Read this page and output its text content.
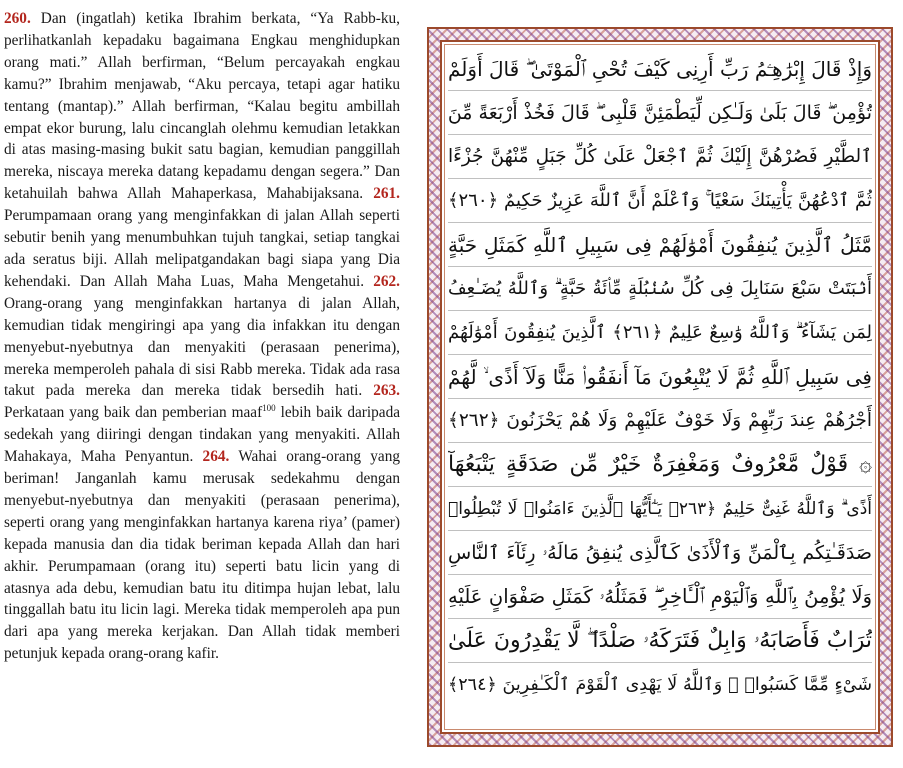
260. Dan (ingatlah) ketika Ibrahim berkata, “Ya Rabb-ku, perlihatkanlah kepadaku bagaimana Engkau menghidupkan orang mati.” Allah berfirman, “Belum percayakah engkau kamu?” Ibrahim menjawab, “Aku percaya, tetapi agar hatiku tentang (mantap).” Allah berfirman, “Kalau begitu ambillah empat ekor burung, lalu cincanglah olehmu kemudian letakkan di atas masing-masing bukit satu bagian, kemudian panggillah mereka, niscaya mereka datang kepadamu dengan segera.” Dan ketahuilah bahwa Allah Mahaperkasa, Mahabijaksana. 261. Perumpamaan orang yang menginfakkan di jalan Allah seperti sebutir benih yang menumbuhkan tujuh tangkai, setiap tangkai ada seratus biji. Allah melipatgandakan bagi siapa yang Dia kehendaki. Dan Allah Maha Luas, Maha Mengetahui. 262. Orang-orang yang menginfakkan hartanya di jalan Allah, kemudian tidak mengiringi apa yang dia infakkan itu dengan menyebut-nyebutnya dan menyakiti (perasaan penerima), mereka memperoleh pahala di sisi Rabb mereka. Tidak ada rasa takut pada mereka dan mereka tidak bersedih hati. 263. Perkataan yang baik dan pemberian maaf$^{100}$ lebih baik daripada sedekah yang diiringi dengan tindakan yang menyakiti. Allah Mahakaya, Maha Penyantun. 264. Wahai orang-orang yang beriman! Janganlah kamu merusak sedekahmu dengan menyebut-nyebutnya dan menyakiti (perasaan penerima), seperti orang yang menginfakkan hartanya karena riya’ (pamer) kepada manusia dan dia tidak beriman kepada Allah dan hari akhir. Perumpamaan (orang itu) seperti batu licin yang di atasnya ada debu, kemudian batu itu ditimpa hujan lebat, lalu tinggallah batu itu licin lagi. Mereka tidak memperoleh apa pun dari apa yang mereka kerjakan. Dan Allah tidak memberi petunjuk kepada orang-orang kafir.
وَإِذْ قَالَ إِبْرَٰهِـۧمُ رَبِّ أَرِنِى كَيْفَ تُحْىِ ٱلْمَوْتَىٰ ۖ قَالَ أَوَلَمْ
تُؤْمِن ۖ قَالَ بَلَىٰ وَلَـٰكِن لِّيَطْمَئِنَّ قَلْبِى ۖ قَالَ فَخُذْ أَرْبَعَةً مِّنَ
ٱلطَّيْرِ فَصُرْهُنَّ إِلَيْكَ ثُمَّ ٱجْعَلْ عَلَىٰ كُلِّ جَبَلٍ مِّنْهُنَّ جُزْءًا
ثُمَّ ٱدْعُهُنَّ يَأْتِينَكَ سَعْيًا ۚ وَٱعْلَمْ أَنَّ ٱللَّهَ عَزِيزٌ حَكِيمٌ ﴿٢٦٠﴾
مَّثَلُ ٱلَّذِينَ يُنفِقُونَ أَمْوَٰلَهُمْ فِى سَبِيلِ ٱللَّهِ كَمَثَلِ حَبَّةٍ
أَنۢبَتَتْ سَبْعَ سَنَابِلَ فِى كُلِّ سُنۢبُلَةٍ مِّا۟ئَةُ حَبَّةٍ ۗ وَٱللَّهُ يُضَـٰعِفُ
لِمَن يَشَآءُ ۗ وَٱللَّهُ وَٰسِعٌ عَلِيمٌ ﴿٢٦١﴾ ٱلَّذِينَ يُنفِقُونَ أَمْوَٰلَهُمْ
فِى سَبِيلِ ٱللَّهِ ثُمَّ لَا يُتْبِعُونَ مَآ أَنفَقُوا۟ مَنًّا وَلَآ أَذًى ۙ لَّهُمْ
أَجْرُهُمْ عِندَ رَبِّهِمْ وَلَا خَوْفٌ عَلَيْهِمْ وَلَا هُمْ يَحْزَنُونَ ﴿٢٦٢﴾
۞ قَوْلٌ مَّعْرُوفٌ وَمَغْفِرَةٌ خَيْرٌ مِّن صَدَقَةٍ يَتْبَعُهَآ
أَذًى ۗ وَٱللَّهُ غَنِىٌّ حَلِيمٌ ﴿٢٦٣﴾ يَـٰٓأَيُّهَا ٱلَّذِينَ ءَامَنُوا۟ لَا تُبْطِلُوا۟
صَدَقَـٰتِكُم بِٱلْمَنِّ وَٱلْأَذَىٰ كَٱلَّذِى يُنفِقُ مَالَهُۥ رِئَآءَ ٱلنَّاسِ
وَلَا يُؤْمِنُ بِٱللَّهِ وَٱلْيَوْمِ ٱلْـَٔاخِرِ ۖ فَمَثَلُهُۥ كَمَثَلِ صَفْوَانٍ عَلَيْهِ
تُرَابٌ فَأَصَابَهُۥ وَابِلٌ فَتَرَكَهُۥ صَلْدًا ۖ لَّا يَقْدِرُونَ عَلَىٰ
شَىْءٍ مِّمَّا كَسَبُوا۟ ۗ وَٱللَّهُ لَا يَهْدِى ٱلْقَوْمَ ٱلْكَـٰفِرِينَ ﴿٢٦٤﴾
